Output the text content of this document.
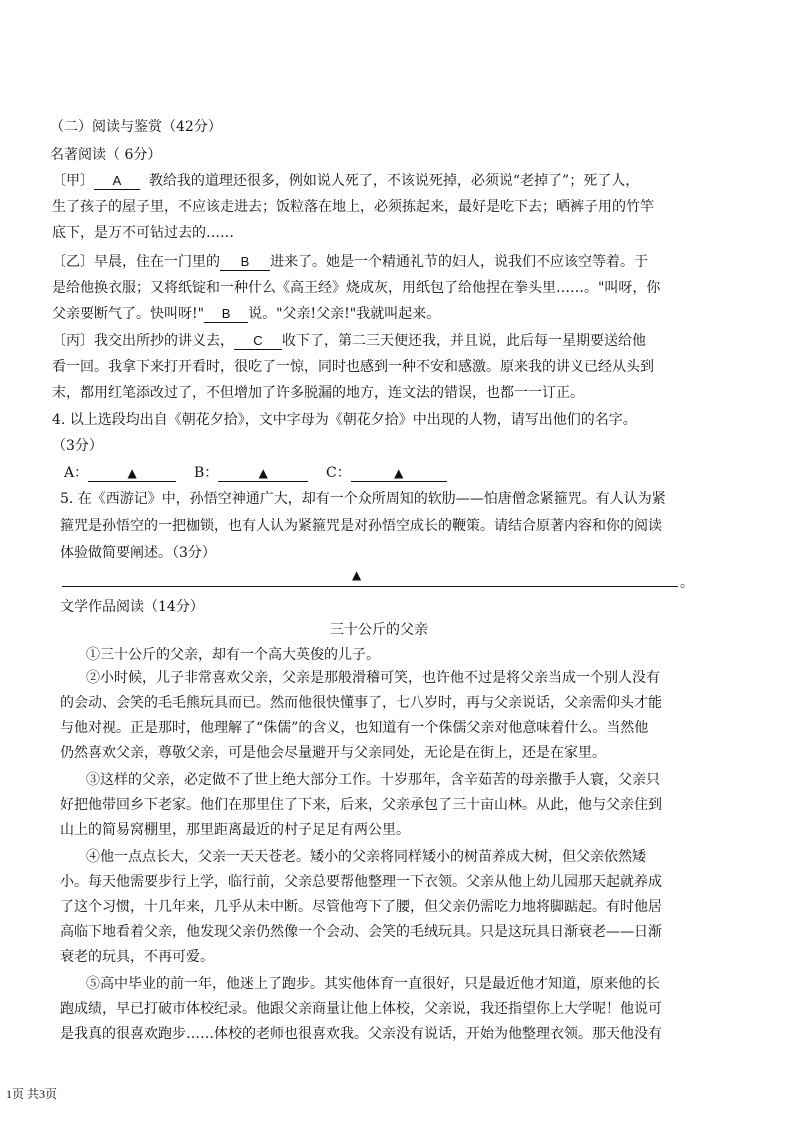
（二）阅读与鉴赏（42分）

名著阅读（ 6分）

〔甲〕 A 教给我的道理还很多，例如说人死了，不该说死掉，必须说“老掉了”；死了人，

生了孩子的屋子里，不应该走进去；饭粒落在地上，必须拣起来，最好是吃下去；晒裤子用的竹竿

底下，是万不可钻过去的……

〔乙〕早晨，住在一门里的 B 进来了。她是一个精通礼节的妇人，说我们不应该空等着。于

是给他换衣服；又将纸锭和一种什么《高王经》烧成灰，用纸包了给他捏在拳头里……。"叫呀，你

父亲要断气了。快叫呀!" B 说。"父亲!父亲!"我就叫起来。

〔丙〕我交出所抄的讲义去， C 收下了，第二三天便还我，并且说，此后每一星期要送给他

看一回。我拿下来打开看时，很吃了一惊，同时也感到一种不安和感激。原来我的讲义已经从头到

末，都用红笔添改过了，不但增加了许多脱漏的地方，连文法的错误，也都一一订正。

4. 以上选段均出自《朝花夕拾》，文中字母为《朝花夕拾》中出现的人物，请写出他们的名字。

（3分）

A：	▲	B：	▲	C：	▲

5. 在《西游记》中，孙悟空神通广大，却有一个众所周知的软肋——怕唐僧念紧箍咒。有人认为紧

箍咒是孙悟空的一把枷锁，也有人认为紧箍咒是对孙悟空成长的鞭策。请结合原著内容和你的阅读

体验做简要阐述。（3分）

▲	。

文学作品阅读（14分）

三十公斤的父亲

①三十公斤的父亲，却有一个高大英俊的儿子。

②小时候，儿子非常喜欢父亲，父亲是那般滑稽可笑，也许他不过是将父亲当成一个别人没有

的会动、会笑的毛毛熊玩具而已。然而他很快懂事了，七八岁时，再与父亲说话，父亲需仰头才能

与他对视。正是那时，他理解了“侏儒”的含义，也知道有一个侏儒父亲对他意味着什么。当然他

仍然喜欢父亲，尊敬父亲，可是他会尽量避开与父亲同处，无论是在街上，还是在家里。

③这样的父亲，必定做不了世上绝大部分工作。十岁那年，含辛茹苦的母亲撒手人寰，父亲只

好把他带回乡下老家。他们在那里住了下来，后来，父亲承包了三十亩山林。从此，他与父亲住到

山上的简易窝棚里，那里距离最近的村子足足有两公里。

④他一点点长大，父亲一天天苍老。矮小的父亲将同样矮小的树苗养成大树，但父亲依然矮

小。每天他需要步行上学，临行前，父亲总要帮他整理一下衣领。父亲从他上幼儿园那天起就养成

了这个习惯，十几年来，几乎从未中断。尽管他弯下了腰，但父亲仍需吃力地将脚踮起。有时他居

高临下地看着父亲，他发现父亲仍然像一个会动、会笑的毛绒玩具。只是这玩具日渐衰老——日渐

衰老的玩具，不再可爱。

⑤高中毕业的前一年，他迷上了跑步。其实他体育一直很好，只是最近他才知道，原来他的长

跑成绩，早已打破市体校纪录。他跟父亲商量让他上体校，父亲说，我还指望你上大学呢！他说可

是我真的很喜欢跑步……体校的老师也很喜欢我。父亲没有说话，开始为他整理衣领。那天他没有

1页 共3页
